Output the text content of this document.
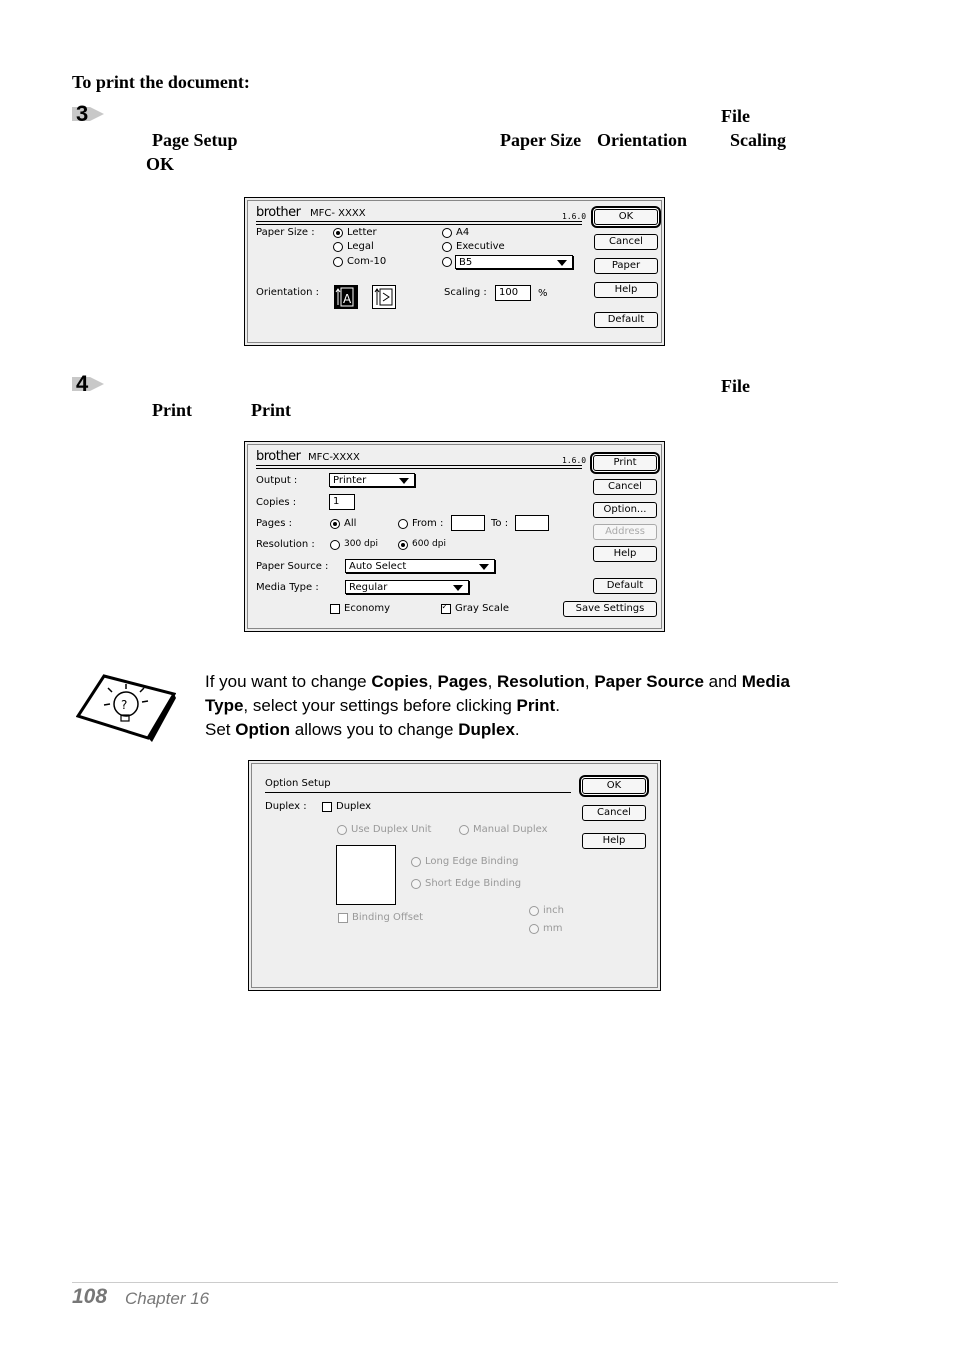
To print the document:
3	File
Page Setup	Paper Size Orientation Scaling
OK
brother MFC- XXXX	1.6.0
Paper Size :	Letter
Legal
Com-10
A4
Executive
B5
Orientation : A	Scaling :	100	%
OK
Cancel
Paper
Help
Default
4	File
Print	Print
brother MFC-XXXX	1.6.0
Output :	Printer
Copies :	1
Pages :	All	From :	To :
Resolution :	300 dpi	600 dpi
Paper Source :	Auto Select
Media Type :	Regular
Economy
✓	Gray Scale
Print
Cancel
Option...
Address
Help
Default
Save Settings
?
If you want to change Copies, Pages, Resolution, Paper Source and Media
Type, select your settings before clicking Print.
Set Option allows you to change Duplex.
Option Setup
Duplex :	Duplex
Use Duplex Unit	Manual Duplex
Long Edge Binding
Short Edge Binding
Binding Offset
inch
mm
OK
Cancel
Help
108 Chapter 16
